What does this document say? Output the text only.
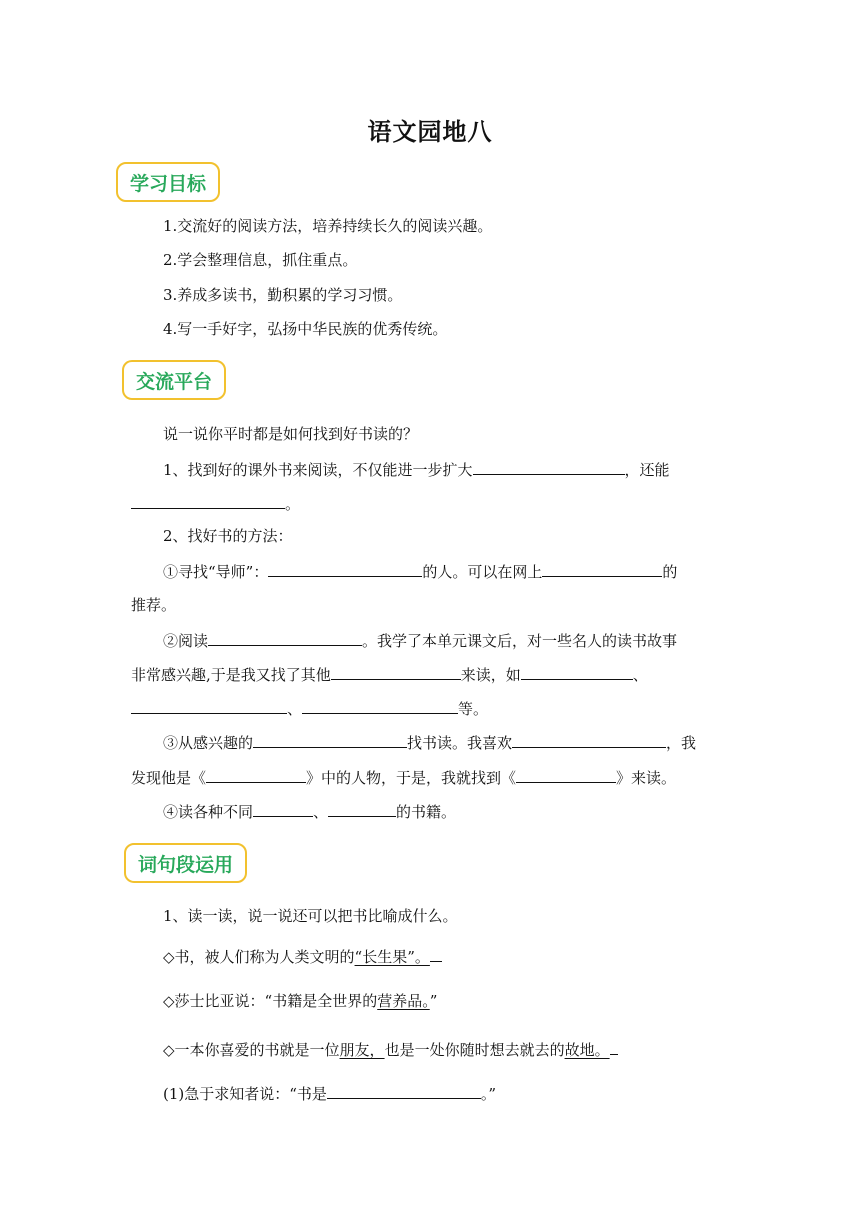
语文园地八
学习目标
1.交流好的阅读方法，培养持续长久的阅读兴趣。
2.学会整理信息，抓住重点。
3.养成多读书，勤积累的学习习惯。
4.写一手好字，弘扬中华民族的优秀传统。
交流平台
说一说你平时都是如何找到好书读的？
1、找到好的课外书来阅读，不仅能进一步扩大	，还能
。
2、找好书的方法：
①寻找“导师”：	的人。可以在网上	的
推荐。
②阅读	。我学了本单元课文后，对一些名人的读书故事
非常感兴趣,于是我又找了其他	来读，如	、
、	等。
③从感兴趣的	找书读。我喜欢	，我
发现他是《	》中的人物，于是，我就找到《	》来读。
④读各种不同	、	的书籍。
词句段运用
1、读一读，说一说还可以把书比喻成什么。
◇书，被人们称为人类文明的“长生果”。
◇莎士比亚说：“书籍是全世界的营养品。”
◇一本你喜爱的书就是一位朋友，也是一处你随时想去就去的故地。
(1)急于求知者说：“书是	。”
